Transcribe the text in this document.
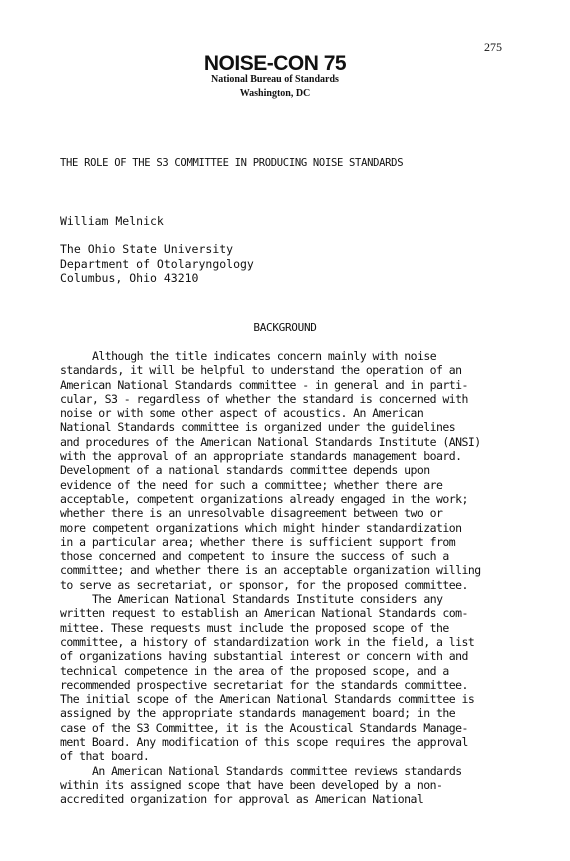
275
NOISE-CON 75
National Bureau of Standards
Washington, DC
THE ROLE OF THE S3 COMMITTEE IN PRODUCING NOISE STANDARDS
William Melnick
The Ohio State University
Department of Otolaryngology
Columbus, Ohio 43210
BACKGROUND
Although the title indicates concern mainly with noise
standards, it will be helpful to understand the operation of an
American National Standards committee - in general and in parti-
cular, S3 - regardless of whether the standard is concerned with
noise or with some other aspect of acoustics. An American
National Standards committee is organized under the guidelines
and procedures of the American National Standards Institute (ANSI)
with the approval of an appropriate standards management board.
Development of a national standards committee depends upon
evidence of the need for such a committee; whether there are
acceptable, competent organizations already engaged in the work;
whether there is an unresolvable disagreement between two or
more competent organizations which might hinder standardization
in a particular area; whether there is sufficient support from
those concerned and competent to insure the success of such a
committee; and whether there is an acceptable organization willing
to serve as secretariat, or sponsor, for the proposed committee.
The American National Standards Institute considers any
written request to establish an American National Standards com-
mittee. These requests must include the proposed scope of the
committee, a history of standardization work in the field, a list
of organizations having substantial interest or concern with and
technical competence in the area of the proposed scope, and a
recommended prospective secretariat for the standards committee.
The initial scope of the American National Standards committee is
assigned by the appropriate standards management board; in the
case of the S3 Committee, it is the Acoustical Standards Manage-
ment Board. Any modification of this scope requires the approval
of that board.
An American National Standards committee reviews standards
within its assigned scope that have been developed by a non-
accredited organization for approval as American National
